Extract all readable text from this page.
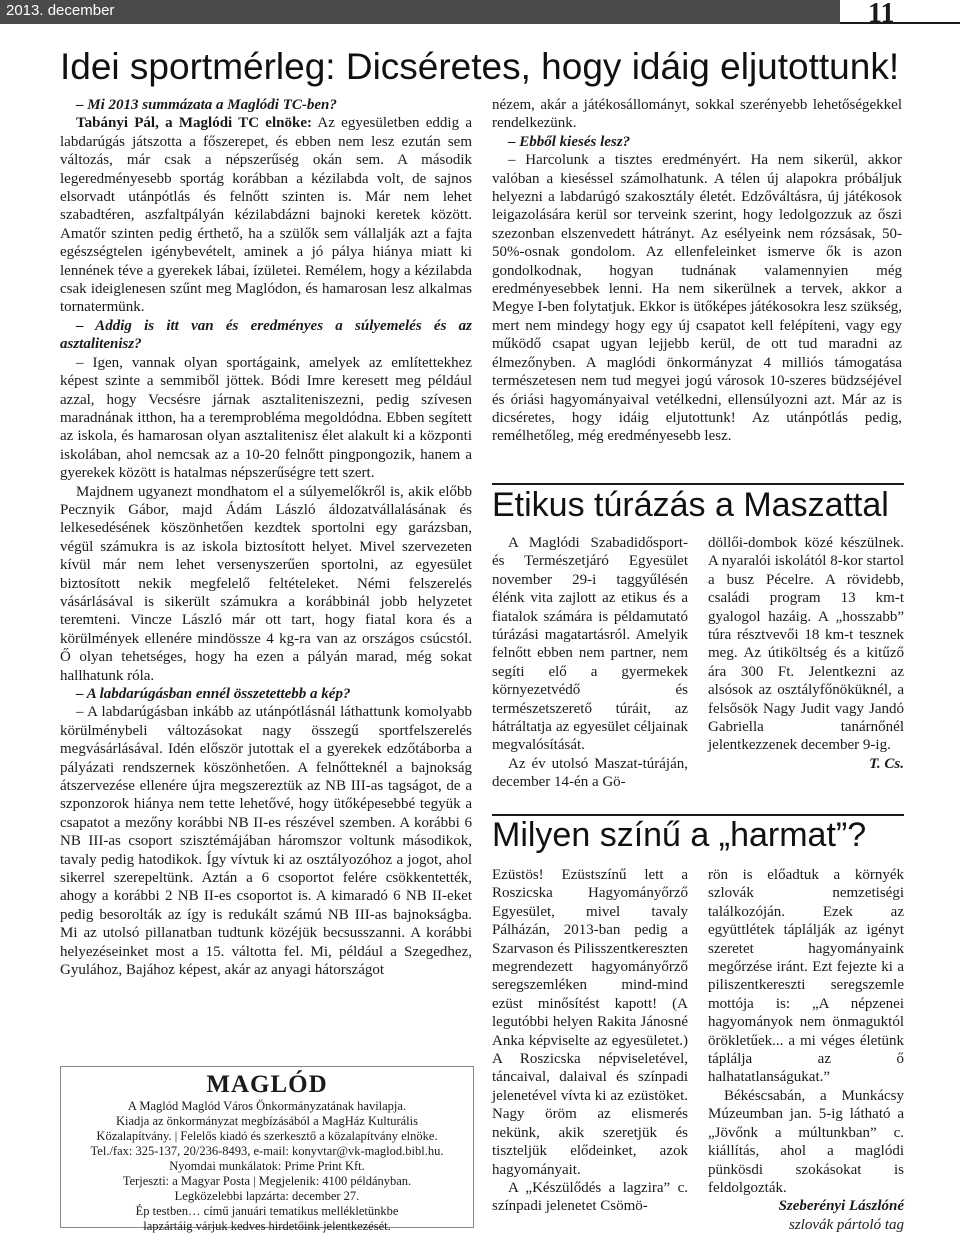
2013. december	11
Idei sportmérleg: Dicséretes, hogy idáig eljutottunk!

– Mi 2013 summázata a Maglódi TC-ben?

Tabányi Pál, a Maglódi TC elnöke: Az egyesületben eddig a labdarúgás játszotta a főszerepet, és ebben nem lesz ezután sem változás, már csak a népszerűség okán sem. A második legeredményesebb sportág korábban a kézilabda volt, de sajnos elsorvadt utánpótlás és felnőtt szinten is. Már nem lehet szabadtéren, aszfaltpályán kézilabdázni bajnoki keretek között. Amatőr szinten pedig érthető, ha a szülők sem vállalják azt a fajta egészségtelen igénybevételt, aminek a jó pálya hiánya miatt ki lennének téve a gyerekek lábai, ízületei. Remélem, hogy a kézilabda csak ideiglenesen szűnt meg Maglódon, és hamarosan lesz alkalmas tornatermünk.

– Addig is itt van és eredményes a súlyemelés és az asztalitenisz?

– Igen, vannak olyan sportágaink, amelyek az említettekhez képest szinte a semmiből jöttek. Bódi Imre keresett meg például azzal, hogy Vecsésre járnak asztaliteniszezni, pedig szívesen maradnának itthon, ha a teremprobléma megoldódna. Ebben segített az iskola, és hamarosan olyan asztalitenisz élet alakult ki a központi iskolában, ahol nemcsak az a 10-20 felnőtt pingpongozik, hanem a gyerekek között is hatalmas népszerűségre tett szert.

Majdnem ugyanezt mondhatom el a súlyemelőkről is, akik előbb Pecznyik Gábor, majd Ádám László áldozatvállalásának és lelkesedésének köszönhetően kezdtek sportolni egy garázsban, végül számukra is az iskola biztosított helyet. Mivel szervezeten kívül már nem lehet versenyszerűen sportolni, az egyesület biztosított nekik megfelelő feltételeket. Némi felszerelés vásárlásával is sikerült számukra a korábbinál jobb helyzetet teremteni. Vincze László már ott tart, hogy fiatal kora és a körülmények ellenére mindössze 4 kg-ra van az országos csúcstól. Ő olyan tehetséges, hogy ha ezen a pályán marad, még sokat hallhatunk róla.

– A labdarúgásban ennél összetettebb a kép?

– A labdarúgásban inkább az utánpótlásnál láthattunk komolyabb körülménybeli változásokat nagy összegű sportfelszerelés megvásárlásával. Idén először jutottak el a gyerekek edzőtáborba a pályázati rendszernek köszönhetően. A felnőtteknél a bajnokság átszervezése ellenére újra megszereztük az NB III-as tagságot, de a szponzorok hiánya nem tette lehetővé, hogy ütőképesebbé tegyük a csapatot a mezőny korábbi NB II-es részével szemben. A korábbi 6 NB III-as csoport szisztémájában háromszor voltunk másodikok, tavaly pedig hatodikok. Így vívtuk ki az osztályozóhoz a jogot, ahol sikerrel szerepeltünk. Aztán a 6 csoportot felére csökkentették, ahogy a korábbi 2 NB II-es csoportot is. A kimaradó 6 NB II-eket pedig besorolták az így is redukált számú NB III-as bajnokságba. Mi az utolsó pillanatban tudtunk közéjük becsusszanni. A korábbi helyezéseinket most a 15. váltotta fel. Mi, például a Szegedhez, Gyulához, Bajához képest, akár az anyagi hátországot

nézem, akár a játékosállományt, sokkal szerényebb lehetőségekkel rendelkezünk.

– Ebből kiesés lesz?

– Harcolunk a tisztes eredményért. Ha nem sikerül, akkor valóban a kieséssel számolhatunk. A télen új alapokra próbáljuk helyezni a labdarúgó szakosztály életét. Edzőváltásra, új játékosok leigazolására kerül sor terveink szerint, hogy ledolgozzuk az őszi szezonban elszenvedett hátrányt. Az esélyeink nem rózsásak, 50-50%-osnak gondolom. Az ellenfeleinket ismerve ők is azon gondolkodnak, hogyan tudnának valamennyien még eredményesebbek lenni. Ha nem sikerülnek a tervek, akkor a Megye I-ben folytatjuk. Ekkor is ütőképes játékosokra lesz szükség, mert nem mindegy hogy egy új csapatot kell felépíteni, vagy egy működő csapat ugyan lejjebb kerül, de ott tud maradni az élmezőnyben. A maglódi önkormányzat 4 milliós támogatása természetesen nem tud megyei jogú városok 10-szeres büdzséjével és óriási hagyományaival vetélkedni, ellensúlyozni azt. Már az is dicséretes, hogy idáig eljutottunk! Az utánpótlás pedig, remélhetőleg, még eredményesebb lesz.

Etikus túrázás a Maszattal

A Maglódi Szabadidősport- és Természetjáró Egyesület november 29-i taggyűlésén élénk vita zajlott az etikus és a fiatalok számára is példamutató túrázási magatartásról. Amelyik felnőtt ebben nem partner, nem segíti elő a gyermekek környezetvédő és természetszerető túráit, az hátráltatja az egyesület céljainak megvalósítását.

Az év utolsó Maszat-túráján, december 14-én a Gö-

döllői-dombok közé készülnek. A nyaralói iskolától 8-kor startol a busz Pécelre. A rövidebb, családi program 13 km-t gyalogol hazáig. A „hosszabb” túra résztvevői 18 km-t tesznek meg. Az útiköltség és a kitűző ára 300 Ft. Jelentkezni az alsósok az osztályfőnöküknél, a felsősök Nagy Judit vagy Jandó Gabriella tanárnőnél jelentkezzenek december 9-ig.

T. Cs.

Milyen színű a „harmat”?

Ezüstös! Ezüstszínű lett a Roszicska Hagyományőrző Egyesület, mivel tavaly Pálházán, 2013-ban pedig a Szarvason és Pilisszentkereszten megrendezett hagyományőrző seregszemléken mind-mind ezüst minősítést kapott! (A legutóbbi helyen Rakita Jánosné Anka képviselte az egyesületet.) A Roszicska népviseletével, táncaival, dalaival és színpadi jelenetével vívta ki az ezüstöket. Nagy öröm az elismerés nekünk, akik szeretjük és tiszteljük elődeinket, azok hagyományait.

A „Készülődés a lagzira” c. színpadi jelenetet Csömö-

rön is előadtuk a környék szlovák nemzetiségi találkozóján. Ezek az együttlétek táplálják az igényt szeretet hagyományaink megőrzése iránt. Ezt fejezte ki a piliszentkereszti seregszemle mottója is: „A népzenei hagyományok nem önmaguktól örökletűek... a mi véges életünk táplálja az ő halhatatlanságukat.”

Békéscsabán, a Munkácsy Múzeumban jan. 5-ig látható a „Jövőnk a múltunkban” c. kiállítás, ahol a maglódi pünkösdi szokásokat is feldolgozták.

Szeberényi Lászlóné

szlovák pártoló tag

MAGLÓD
A Magló‍d Maglód Város Önkormányzatának havilapja.
Kiadja az önkormányzat megbízásából a MagHáz Kulturális
Közalapítvány. | Felelős kiadó és szerkesztő a közalapítvány elnöke.
Tel./fax: 325-137, 20/236-8493, e-mail: konyvtar@vk-maglod.bibl.hu.
Nyomdai munkálatok: Prime Print Kft.
Terjeszti: a Magyar Posta | Megjelenik: 4100 példányban.
Legközelebbi lapzárta: december 27.
Ép testben… című januári tematikus mellékletünkbe
lapzártáig várjuk kedves hirdetőink jelentkezését.
